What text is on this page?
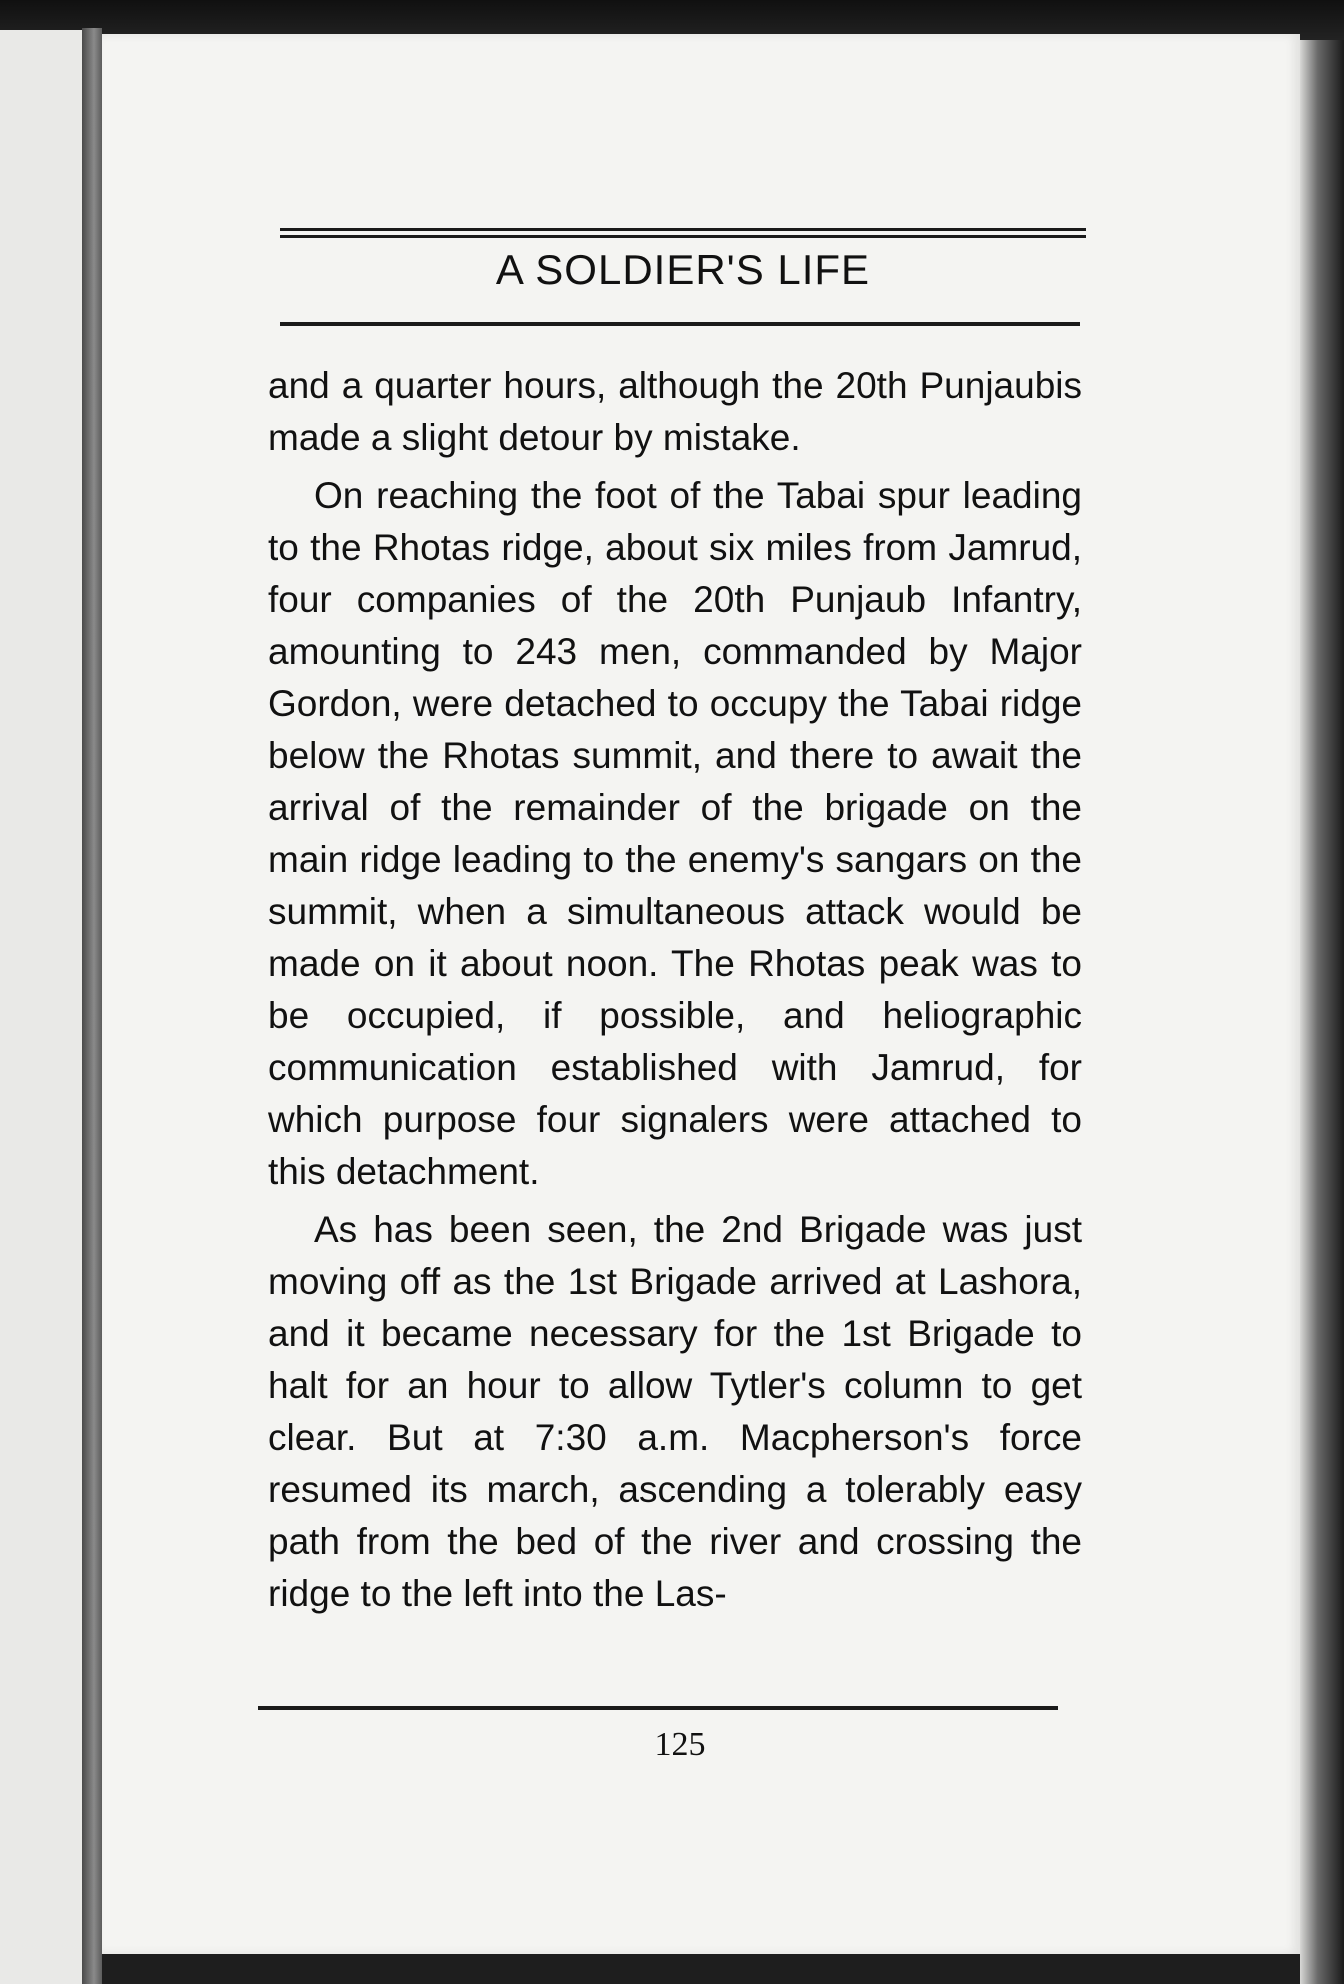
A SOLDIER'S LIFE

and a quarter hours, although the 20th Punjaubis made a slight detour by mistake.

On reaching the foot of the Tabai spur leading to the Rhotas ridge, about six miles from Jamrud, four companies of the 20th Punjaub Infantry, amounting to 243 men, commanded by Major Gordon, were detached to occupy the Tabai ridge below the Rhotas summit, and there to await the arrival of the remainder of the brigade on the main ridge leading to the enemy's sangars on the summit, when a simultaneous attack would be made on it about noon. The Rhotas peak was to be occupied, if possible, and heliographic communication established with Jamrud, for which purpose four signalers were attached to this detachment.

As has been seen, the 2nd Brigade was just moving off as the 1st Brigade arrived at Lashora, and it became necessary for the 1st Brigade to halt for an hour to allow Tytler's column to get clear. But at 7:30 a.m. Macpherson's force resumed its march, ascending a tolerably easy path from the bed of the river and crossing the ridge to the left into the Las-

125
